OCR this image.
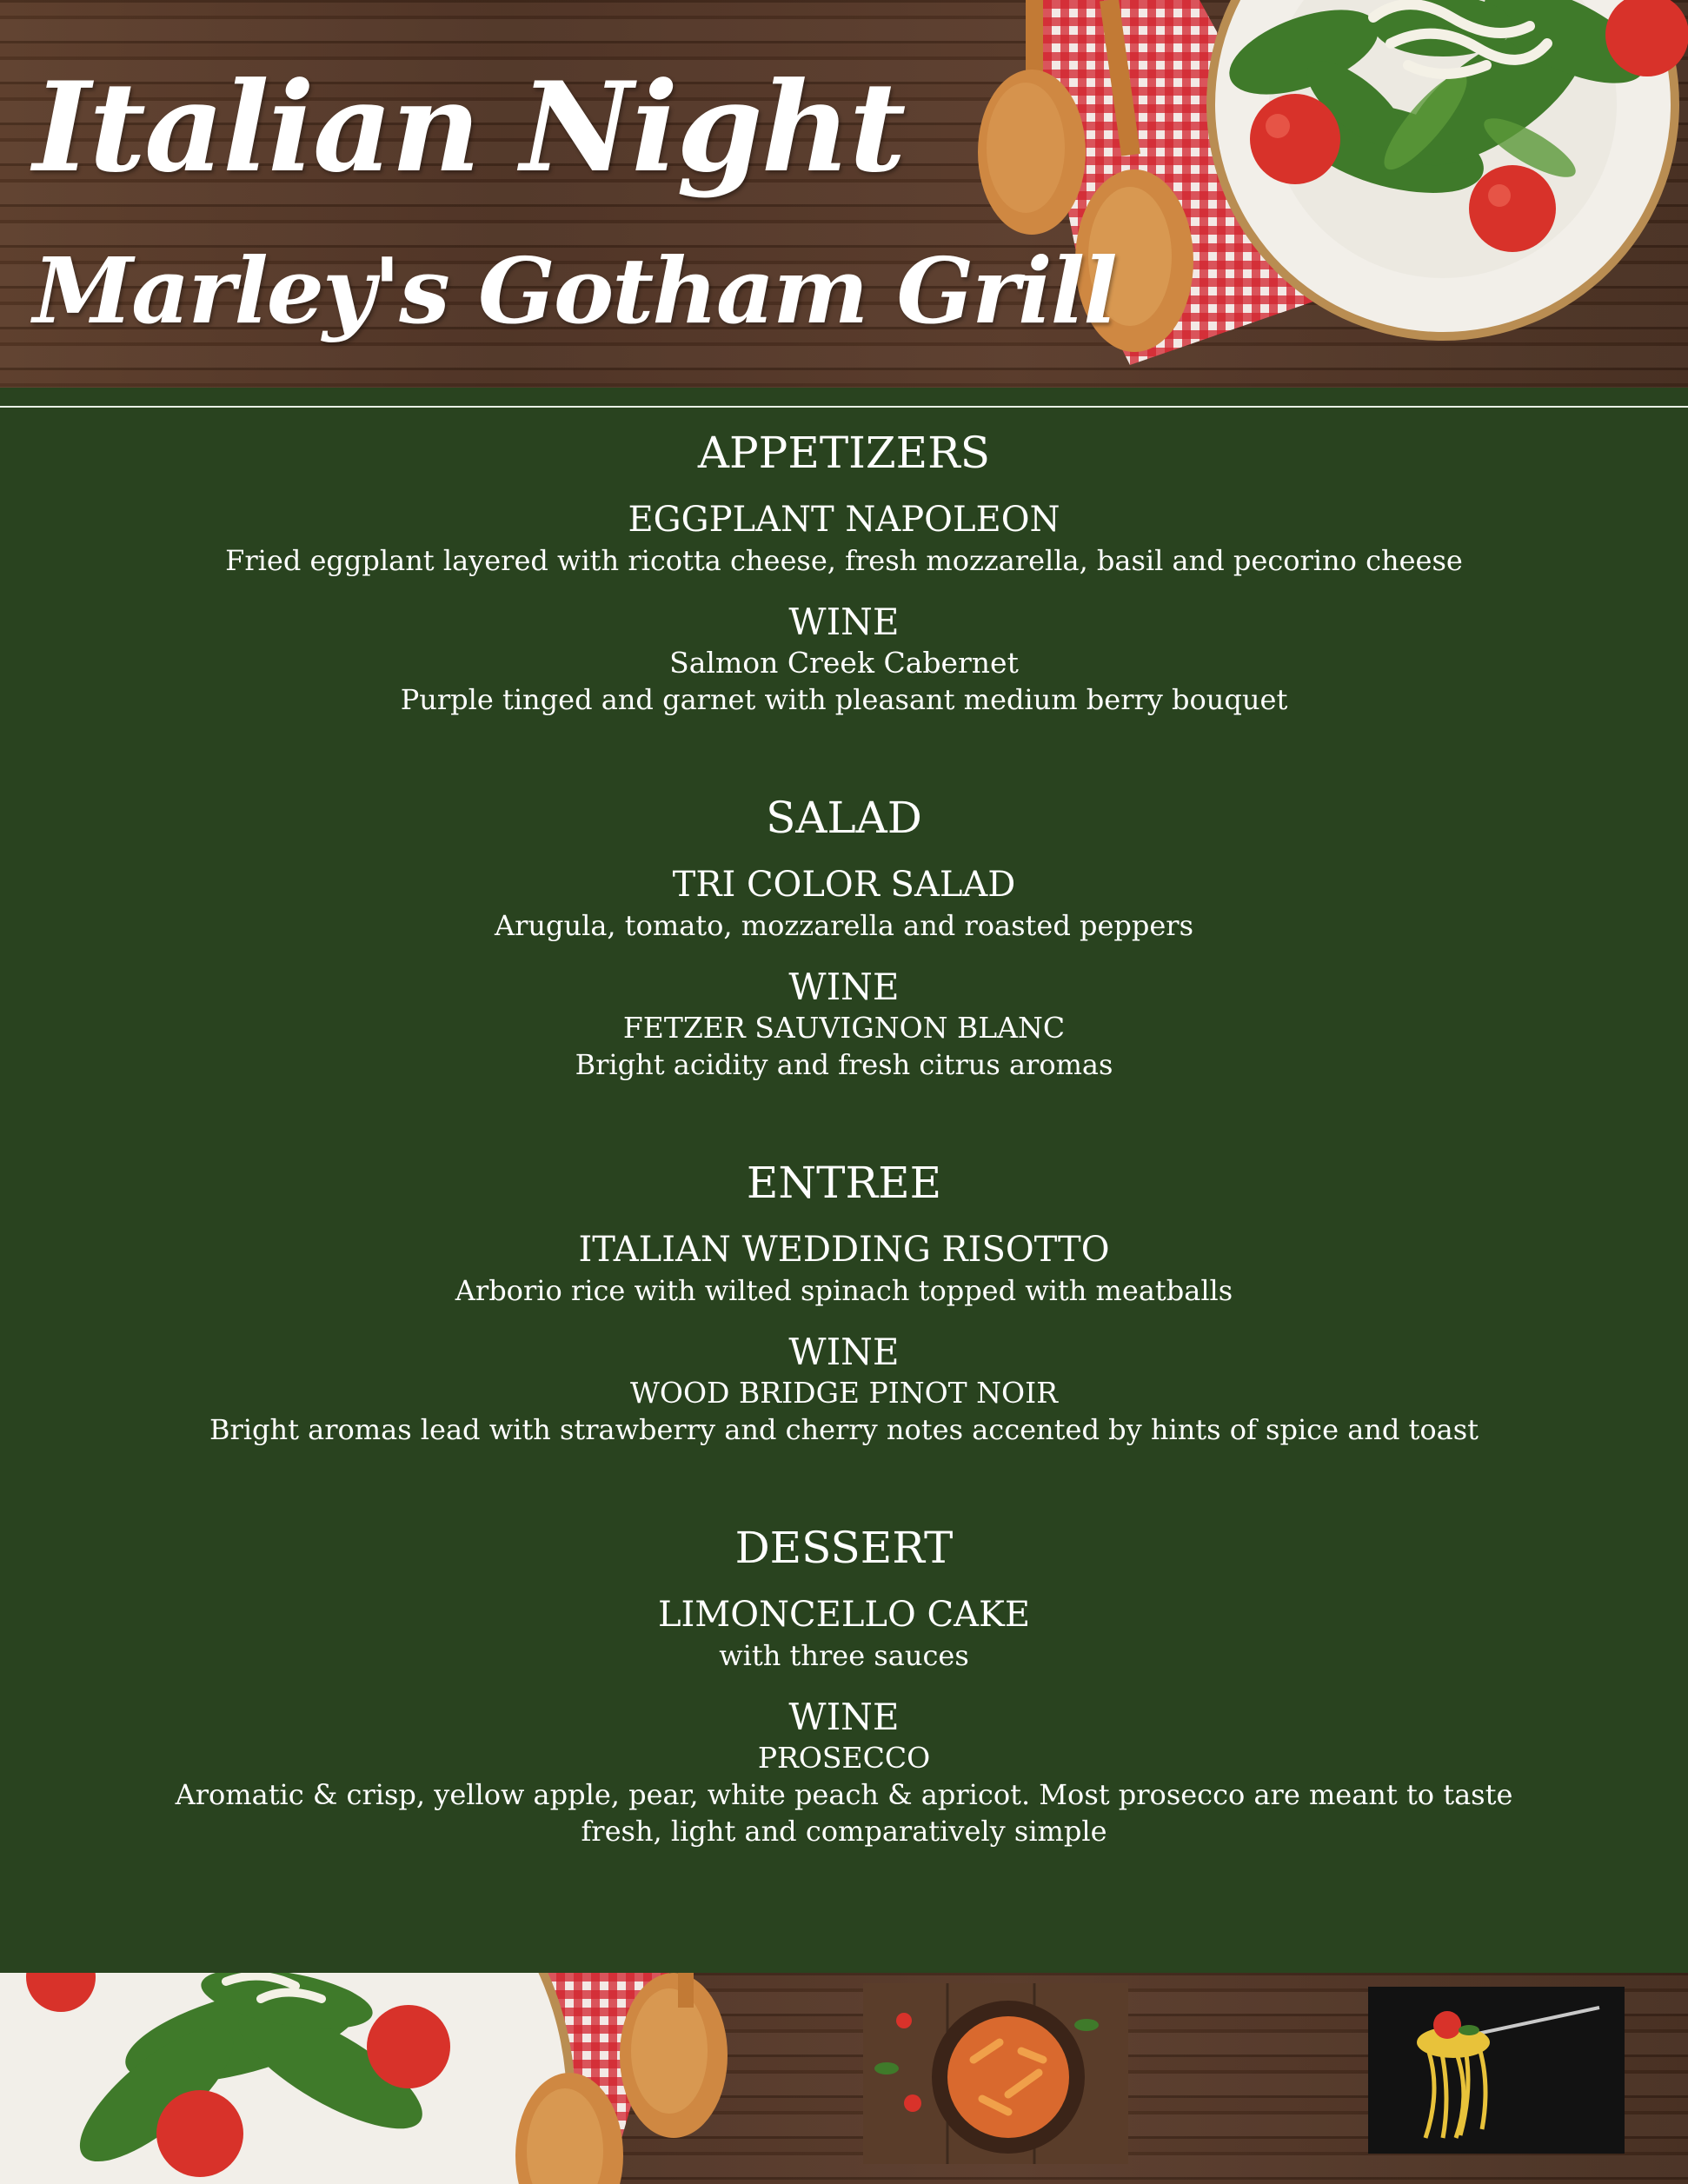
Italian Night
Marley's Gotham Grill
APPETIZERS

EGGPLANT NAPOLEON

Fried eggplant layered with ricotta cheese, fresh mozzarella, basil and pecorino cheese

WINE

Salmon Creek Cabernet

Purple tinged and garnet with pleasant medium berry bouquet

SALAD

TRI COLOR SALAD

Arugula, tomato, mozzarella and roasted peppers

WINE

FETZER SAUVIGNON BLANC

Bright acidity and fresh citrus aromas

ENTREE

ITALIAN WEDDING RISOTTO

Arborio rice with wilted spinach topped with meatballs

WINE

WOOD BRIDGE PINOT NOIR

Bright aromas lead with strawberry and cherry notes accented by hints of spice and toast

DESSERT

LIMONCELLO CAKE

with three sauces

WINE

PROSECCO

Aromatic & crisp, yellow apple, pear, white peach & apricot. Most prosecco are meant to taste fresh, light and comparatively simple
